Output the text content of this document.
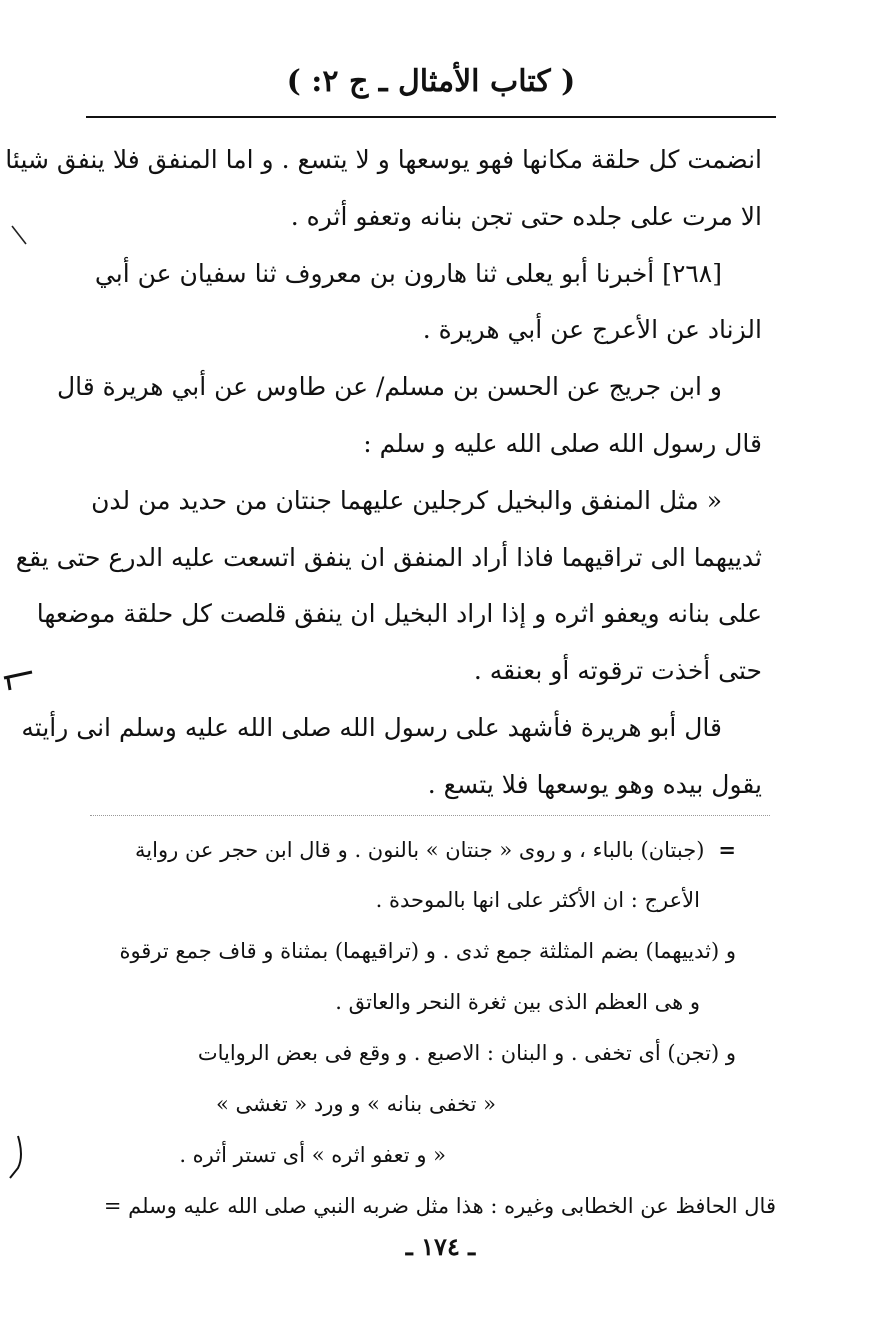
( كتاب الأمثال ـ ج ٢: )
انضمت كل حلقة مكانها فهو يوسعها و لا يتسع . و اما المنفق فلا ينفق شيئا
الا مرت على جلده حتى تجن بنانه وتعفو أثره .
[٢٦٨] أخبرنا أبو يعلى ثنا هارون بن معروف ثنا سفيان عن أبي
الزناد عن الأعرج عن أبي هريرة .
و ابن جريج عن الحسن بن مسلم/ عن طاوس عن أبي هريرة قال
قال رسول الله صلى الله عليه و سلم :
« مثل المنفق والبخيل كرجلين عليهما جنتان من حديد من لدن
ثدييهما الى تراقيهما فاذا أراد المنفق ان ينفق اتسعت عليه الدرع حتى يقع
على بنانه ويعفو اثره و إذا اراد البخيل ان ينفق قلصت كل حلقة موضعها
حتى أخذت ترقوته أو بعنقه .
قال أبو هريرة فأشهد على رسول الله صلى الله عليه وسلم انى رأيته
يقول بيده وهو يوسعها فلا يتسع .
=(جبتان) بالباء ، و روى « جنتان » بالنون . و قال ابن حجر عن رواية
الأعرج : ان الأكثر على انها بالموحدة .
و (ثدييهما) بضم المثلثة جمع ثدى . و (تراقيهما) بمثناة و قاف جمع ترقوة
و هى العظم الذى بين ثغرة النحر والعاتق .
و (تجن) أى تخفى . و البنان : الاصبع . و وقع فى بعض الروايات
« تخفى بنانه » و ورد « تغشى »
« و تعفو اثره » أى تستر أثره .
قال الحافظ عن الخطابى وغيره : هذا مثل ضربه النبي صلى الله عليه وسلم =
ـ ١٧٤ ـ
